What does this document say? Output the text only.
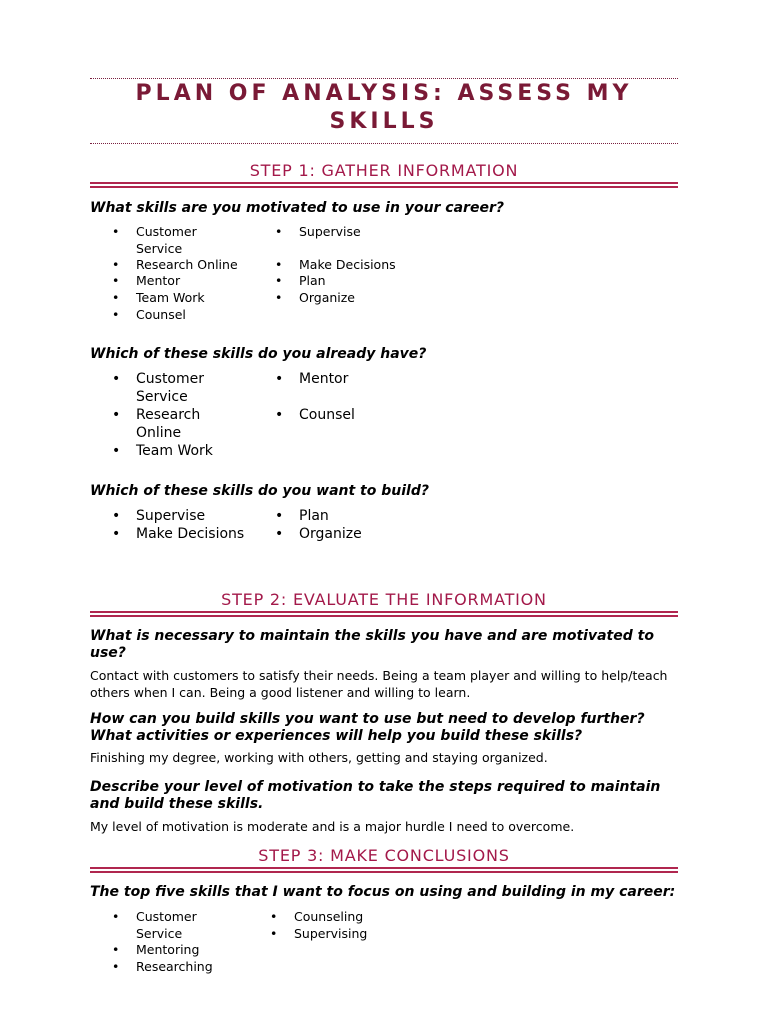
PLAN OF ANALYSIS: ASSESS MY SKILLS
STEP 1: GATHER INFORMATION
What skills are you motivated to use in your career?
• Customer Service
• Research Online
• Mentor
• Team Work
• Counsel
• Supervise
• Make Decisions
• Plan
• Organize
Which of these skills do you already have?
• Customer Service
• Research Online
• Team Work
• Mentor
• Counsel
Which of these skills do you want to build?
• Supervise
• Make Decisions
• Plan
• Organize
STEP 2: EVALUATE THE INFORMATION
What is necessary to maintain the skills you have and are motivated to use?
Contact with customers to satisfy their needs. Being a team player and willing to help/teach others when I can. Being a good listener and willing to learn.
How can you build skills you want to use but need to develop further? What activities or experiences will help you build these skills?
Finishing my degree, working with others, getting and staying organized.
Describe your level of motivation to take the steps required to maintain and build these skills.
My level of motivation is moderate and is a major hurdle I need to overcome.
STEP 3: MAKE CONCLUSIONS
The top five skills that I want to focus on using and building in my career:
• Customer Service
• Mentoring
• Researching
• Counseling
• Supervising
